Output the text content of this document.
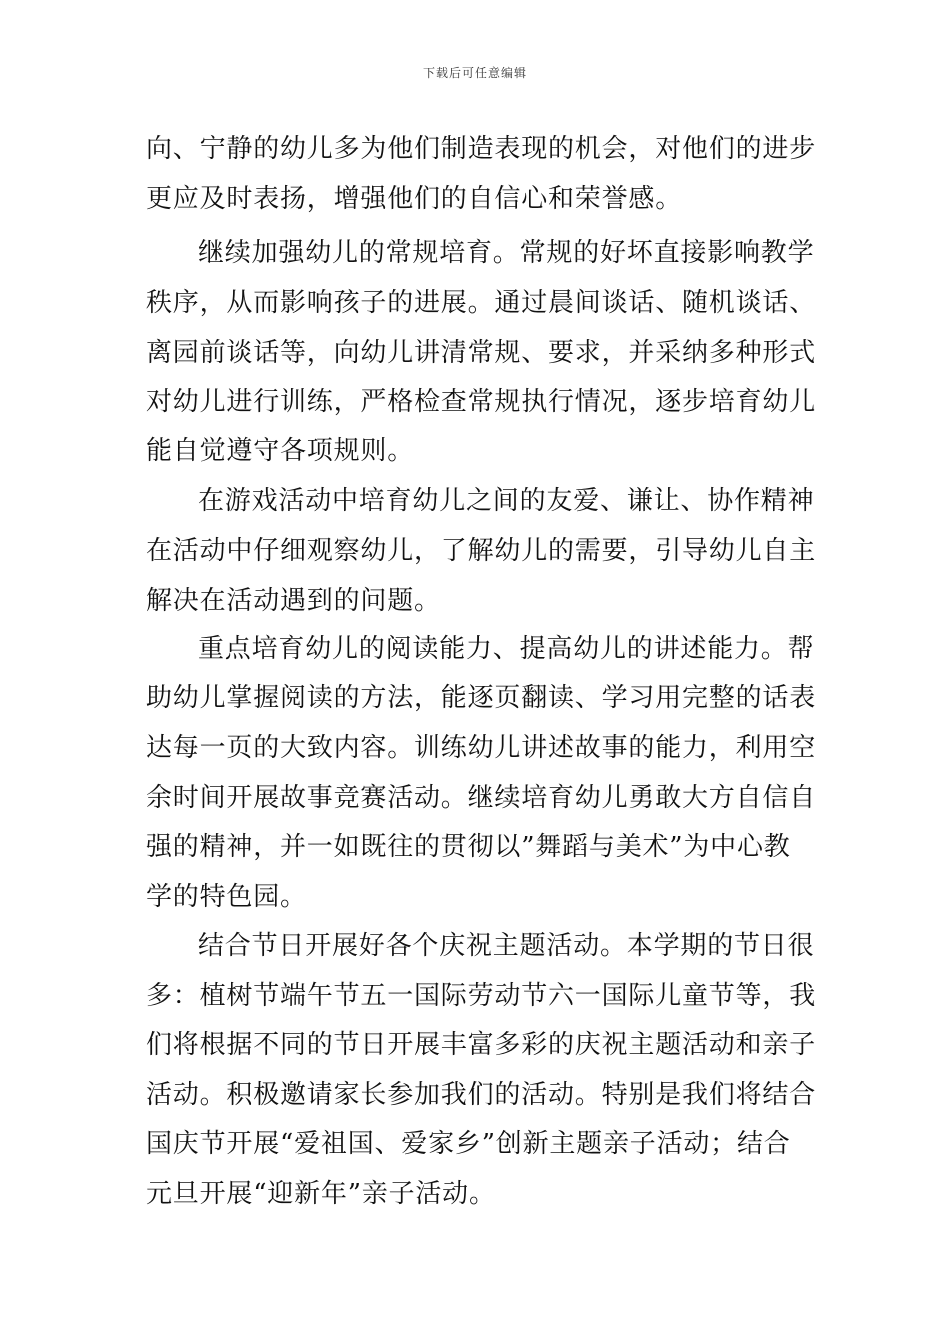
下载后可任意编辑
向、宁静的幼儿多为他们制造表现的机会，对他们的进步
更应及时表扬，增强他们的自信心和荣誉感。
继续加强幼儿的常规培育。常规的好坏直接影响教学
秩序，从而影响孩子的进展。通过晨间谈话、随机谈话、
离园前谈话等，向幼儿讲清常规、要求，并采纳多种形式
对幼儿进行训练，严格检查常规执行情况，逐步培育幼儿
能自觉遵守各项规则。
在游戏活动中培育幼儿之间的友爱、谦让、协作精神
在活动中仔细观察幼儿，了解幼儿的需要，引导幼儿自主
解决在活动遇到的问题。
重点培育幼儿的阅读能力、提高幼儿的讲述能力。帮
助幼儿掌握阅读的方法，能逐页翻读、学习用完整的话表
达每一页的大致内容。训练幼儿讲述故事的能力，利用空
余时间开展故事竞赛活动。继续培育幼儿勇敢大方自信自
强的精神，并一如既往的贯彻以”舞蹈与美术”为中心教
学的特色园。
结合节日开展好各个庆祝主题活动。本学期的节日很
多：植树节端午节五一国际劳动节六一国际儿童节等，我
们将根据不同的节日开展丰富多彩的庆祝主题活动和亲子
活动。积极邀请家长参加我们的活动。特别是我们将结合
国庆节开展“爱祖国、爱家乡”创新主题亲子活动；结合
元旦开展“迎新年”亲子活动。
